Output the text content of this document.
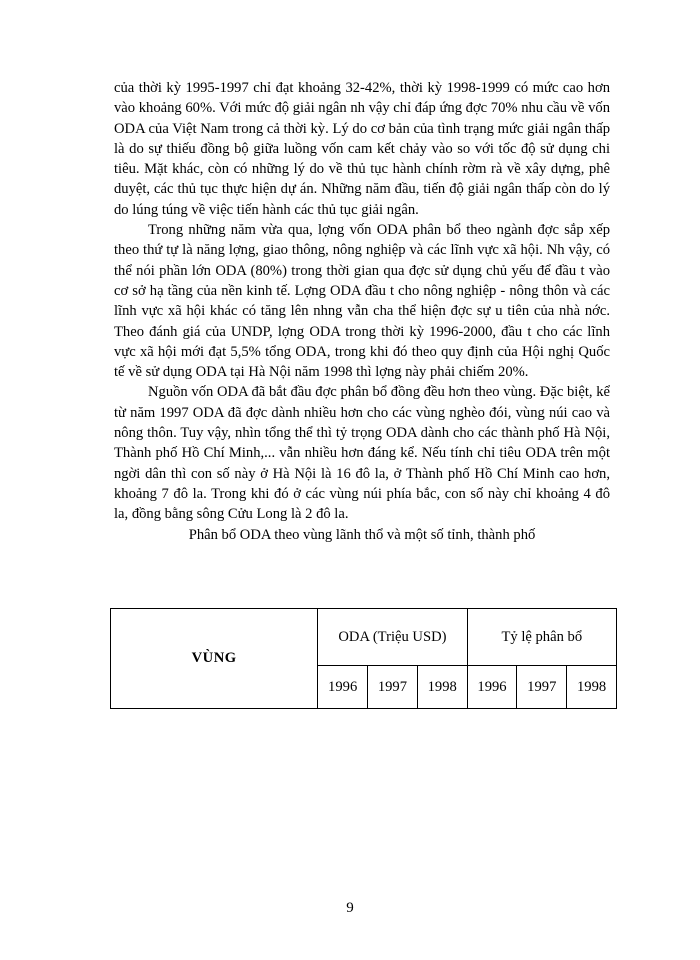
của thời kỳ 1995-1997 chỉ đạt khoảng 32-42%, thời kỳ 1998-1999 có mức cao hơn vào khoảng 60%. Với mức độ giải ngân nh vậy chỉ đáp ứng đợc 70% nhu cầu về vốn ODA của Việt Nam trong cả thời kỳ. Lý do cơ bản của tình trạng mức giải ngân thấp là do sự thiếu đồng bộ giữa luồng vốn cam kết chảy vào so với tốc độ sử dụng chi tiêu. Mặt khác, còn có những lý do về thủ tục hành chính rờm rà về xây dựng, phê duyệt, các thủ tục thực hiện dự án. Những năm đầu, tiến độ giải ngân thấp còn do lý do lúng túng về việc tiến hành các thủ tục giải ngân.

Trong những năm vừa qua, lợng vốn ODA phân bổ theo ngành đợc sắp xếp theo thứ tự là năng lợng, giao thông, nông nghiệp và các lĩnh vực xã hội. Nh vậy, có thể nói phần lớn ODA (80%) trong thời gian qua đợc sử dụng chủ yếu để đầu t vào cơ sở hạ tầng của nền kinh tế. Lợng ODA đầu t cho nông nghiệp - nông thôn và các lĩnh vực xã hội khác có tăng lên nhng vẫn cha thể hiện đợc sự u tiên của nhà nớc. Theo đánh giá của UNDP, lợng ODA trong thời kỳ 1996-2000, đầu t cho các lĩnh vực xã hội mới đạt 5,5% tổng ODA, trong khi đó theo quy định của Hội nghị Quốc tế về sử dụng ODA tại Hà Nội năm 1998 thì lợng này phải chiếm 20%.

Nguồn vốn ODA đã bắt đầu đợc phân bổ đồng đều hơn theo vùng. Đặc biệt, kể từ năm 1997 ODA đã đợc dành nhiều hơn cho các vùng nghèo đói, vùng núi cao và nông thôn. Tuy vậy, nhìn tổng thể thì tỷ trọng ODA dành cho các thành phố Hà Nội, Thành phố Hồ Chí Minh,... vẫn nhiều hơn đáng kể. Nếu tính chỉ tiêu ODA trên một ngời dân thì con số này ở Hà Nội là 16 đô la, ở Thành phố Hồ Chí Minh cao hơn, khoảng 7 đô la. Trong khi đó ở các vùng núi phía bắc, con số này chỉ khoảng 4 đô la, đồng bằng sông Cửu Long là 2 đô la.

Phân bổ ODA theo vùng lãnh thổ và một số tỉnh, thành phố

VÙNG	ODA (Triệu USD)			Tỷ lệ phân bổ		
	1996	1997	1998	1996	1997	1998
9
